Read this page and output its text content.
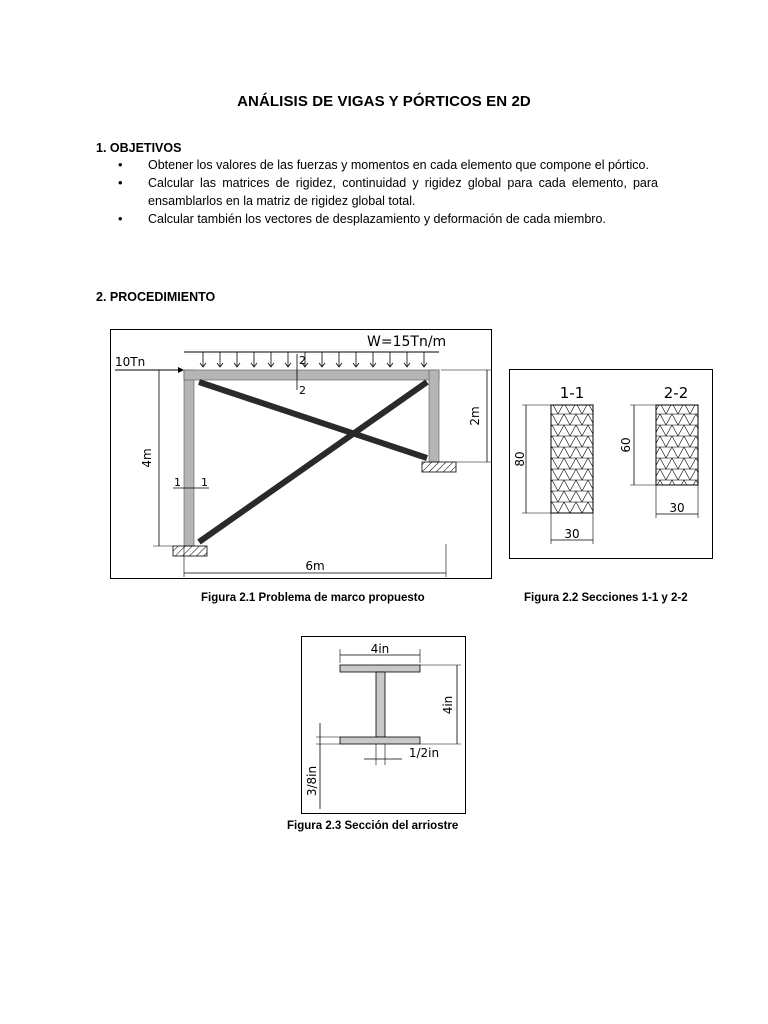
ANÁLISIS DE VIGAS Y PÓRTICOS EN 2D
1. OBJETIVOS
• Obtener los valores de las fuerzas y momentos en cada elemento que compone el pórtico.
• Calcular las matrices de rigidez, continuidad y rigidez global para cada elemento, para ensamblarlos en la matriz de rigidez global total.
• Calcular también los vectores de desplazamiento y deformación de cada miembro.
2. PROCEDIMIENTO
W=15Tn/m
10Tn	2
2
1 1
4m
2m
6m
Figura 2.1 Problema de marco propuesto
1-1	2-2
80
30
60
30
Figura 2.2 Secciones 1-1 y 2-2
4in
4in
1/2in
3/8in
Figura 2.3 Sección del arriostre
